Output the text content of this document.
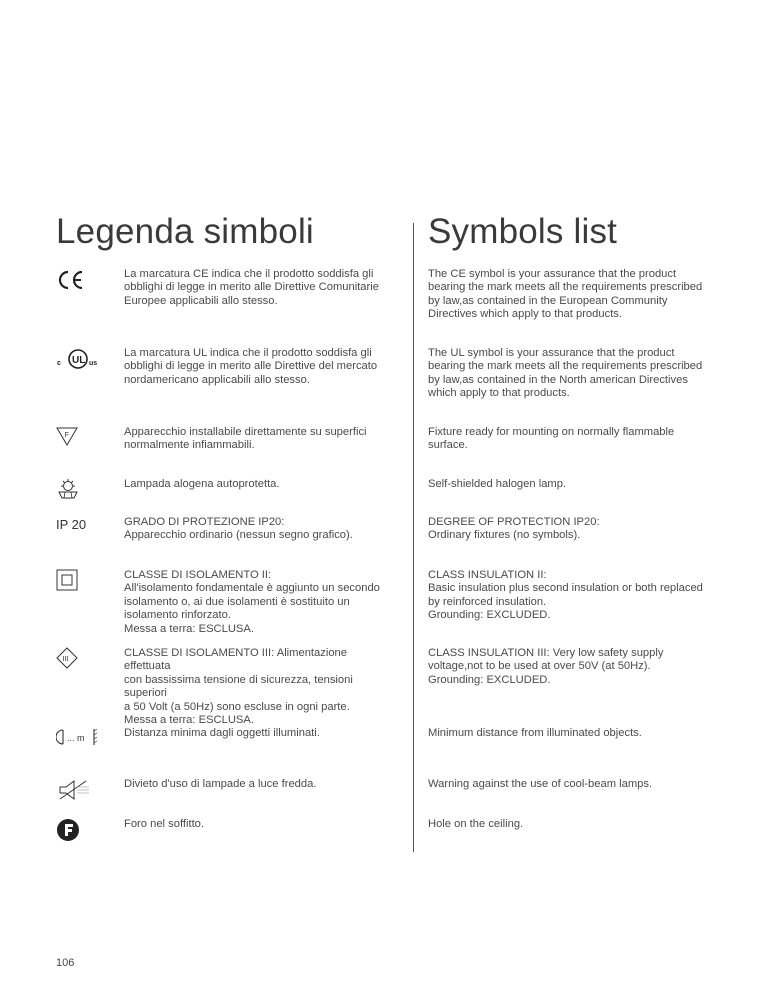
Legenda simboli	Symbols list

La marcatura CE indica che il prodotto soddisfa gli
obblighi di legge in merito alle Direttive Comunitarie
Europee applicabili allo stesso.

The CE symbol is your assurance that the product
bearing the mark meets all the requirements prescribed
by law,as contained in the European Community
Directives which apply to that products.

c UL us

La marcatura UL indica che il prodotto soddisfa gli
obblighi di legge in merito alle Direttive del mercato
nordamericano applicabili allo stesso.

The UL symbol is your assurance that the product
bearing the mark meets all the requirements prescribed
by law,as contained in the North american Directives
which apply to that products.

F	Apparecchio installabile direttamente su superfici
normalmente infiammabili.

Fixture ready for mounting on normally flammable
surface.

Lampada alogena autoprotetta.	Self-shielded halogen lamp.

IP 20	GRADO DI PROTEZIONE IP20:
Apparecchio ordinario (nessun segno grafico).

DEGREE OF PROTECTION IP20:
Ordinary fixtures (no symbols).

CLASSE DI ISOLAMENTO II:
All'isolamento fondamentale è aggiunto un secondo
isolamento o, ai due isolamenti è sostituito un
isolamento rinforzato.
Messa a terra: ESCLUSA.

CLASS INSULATION II:
Basic insulation plus second insulation or both replaced
by reinforced insulation.
Grounding: EXCLUDED.

III	CLASSE DI ISOLAMENTO III: Alimentazione effettuata
con bassissima tensione di sicurezza, tensioni superiori
a 50 Volt (a 50Hz) sono escluse in ogni parte.
Messa a terra: ESCLUSA.

CLASS INSULATION III: Very low safety supply
voltage,not to be used at over 50V (at 50Hz).
Grounding: EXCLUDED.

... m	Distanza minima dagli oggetti illuminati.	Minimum distance from illuminated objects.

Divieto d'uso di lampade a luce fredda.	Warning against the use of cool-beam lamps.

Foro nel soffitto.	Hole on the ceiling.

106
